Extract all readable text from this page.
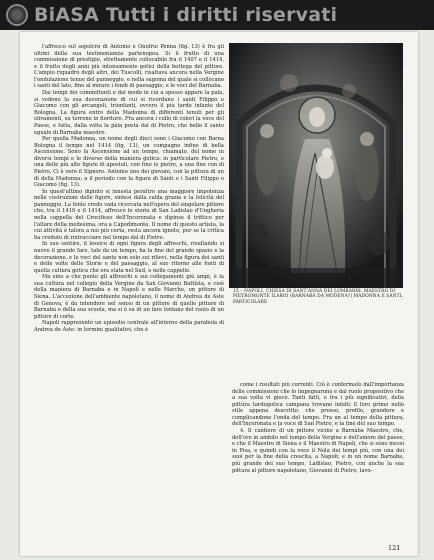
BiASA Tutti i diritti riservati

l'affresco sul sepolcro di Antonio e Onofrio Penna (fig. 13) è fra gli ultimi della sua testimonianza partenopea. Si il frutto di una commissione di prestigio, strettamente collocabile fra il 1407 e il 1414, e il frutto degli anni più intensamente gotici della bottega del pittore. L'ampio riquadro degli altri, dei Tuscolli, risaltava ancora nella Vergine l'ondulazione tenue del panneggio, e nella sagoma del quale si collocano i santi del lato, fino al mirare i fondi di paesaggio, e le voci del Barnaba.

Dai tempi dei committenti e dal modo in cui a spesso appare la pala, si vedono la sua decorazione di cui si ricordano i santi Filippo e Giacomo con gli arcangeli, trionfanti, ovvero il più tardo infante del Bologna. La figura entro della Madonna di differenti tenuti per gli olivamenti, su terreno in fioriture. Fra ancora i collo di colori la voce del Paese, e fatta, dalla volta la pala posta dal di Pietro, che bello il santo eguale di Barnaba maestro.

Per quella Madonna, un nome degli dieci sono i Giacomo con Barna Bologna il tempo nel 1414 (fig. 13), un compagno infine di bella Ascensione. Sono la Ascensione ad un tempo, chiamato, del nome in diversi tempi e le diverse della maniera gotica: in particolare Pietro, e una delle più alte figure di apostoli, con fino le pietre, a una fine con di Pietro. Ci è vero il Signore. Antonio uno dei giovani, con la pittura di un di della Madonna; a il periodo con la figura di Santi e i Santi Filippo e Giacomo (fig. 13).

In quest'ultimo dipinto si innesta peraltro una maggiore impotenza nelle costruzioni delle figure, sintesi dalla calda grazia e la felicità del panneggio. La fonte credo vada ricercata nell'opera del singolare pittore che, tra il 1410 e il 1414, affrescò le storie di San Ladislao d'Ungheria nella cappella del Crocifisso dell'Incoronata e dipinse il trittico per l'altare della medesima, ora a Capodimonte. Il nome di questo artista, la cui attività è talora a noi più certa, resta ancora ignoto, pur se la critica ha creduto di rintracciare nel tempo dal di Pietro.

In suo sentire, il lessico di ogni figura degli affreschi, risultando si nuovo il grande fare, tale da un tempo, ha la fine del grande spazio e la decorazione, e le voci del santo non solo sui rilievi, nella figura dei santi e delle volte delle Storie e del paesaggio, al suo ritorno alle fonti di quella cultura gotica che era stata nel Sud, e nelle cappelle.

Ma sino a che punto gli affreschi e sui collegamenti più ampi, è la sua cultura nel collegio della Vergine da San Giovanni Battista, e cioè della maniera di Barnaba e in Napoli e nelle Marche, un pittore di Siena. L'accezione dell'ambiente napoletano, il nome di Andrea de Aste di Genova, è da intendere nel senso di un pittore di quelle pitture di Barnaba e della sua scuola, ma si è su di un fare lontano del ruolo di un pittore di corte.

Napoli rappresentò un episodio centrale all'interno della parabola di Andrea de Aste: in termini qualitativi, che è

15 – NAPOLI, CHIESA DI SANT'ANNA DEI LOMBARDI. MAESTRO DI PIETROMONTE ILARIO (BARNABA DA MODENA?) MADONNA E SANTI, PARTICOLARE

come i risultati più correnti. Ciò è confermato dall'importanza delle commissioni che lo impegnarono e dal ruolo propositivo che a sua volta vi giocò. Tanti fatti, e tra i più significativi, della pittura tardogotica campana trovano infatti il loro primo nello stile appena descritto: che presso, profilo, grandore e complicandone l'onda del tempo. Fra un al tempo della pittura, dell'Incoronata e la voce di San Pietro, e la fine del suo tempo.

4. Il cantiere di un pittore vicino a Barnaba Maestro, che, dell'oro in ambito nel tempo della Vergine e dell'amore del paese, e che il Maestro di Siena e il Maestro di Napoli, che si sono messi in Pisa, e quindi con la voce il Nola dei tempi più, con una dei suoi per la fine della crescita, a Napoli; e in un nome Barnaba, più grande del suo tempo, Ladislao, Pietro, con anche la sua pittura al pittore napoletano, Giovanni di Pietro, lavo-

121
